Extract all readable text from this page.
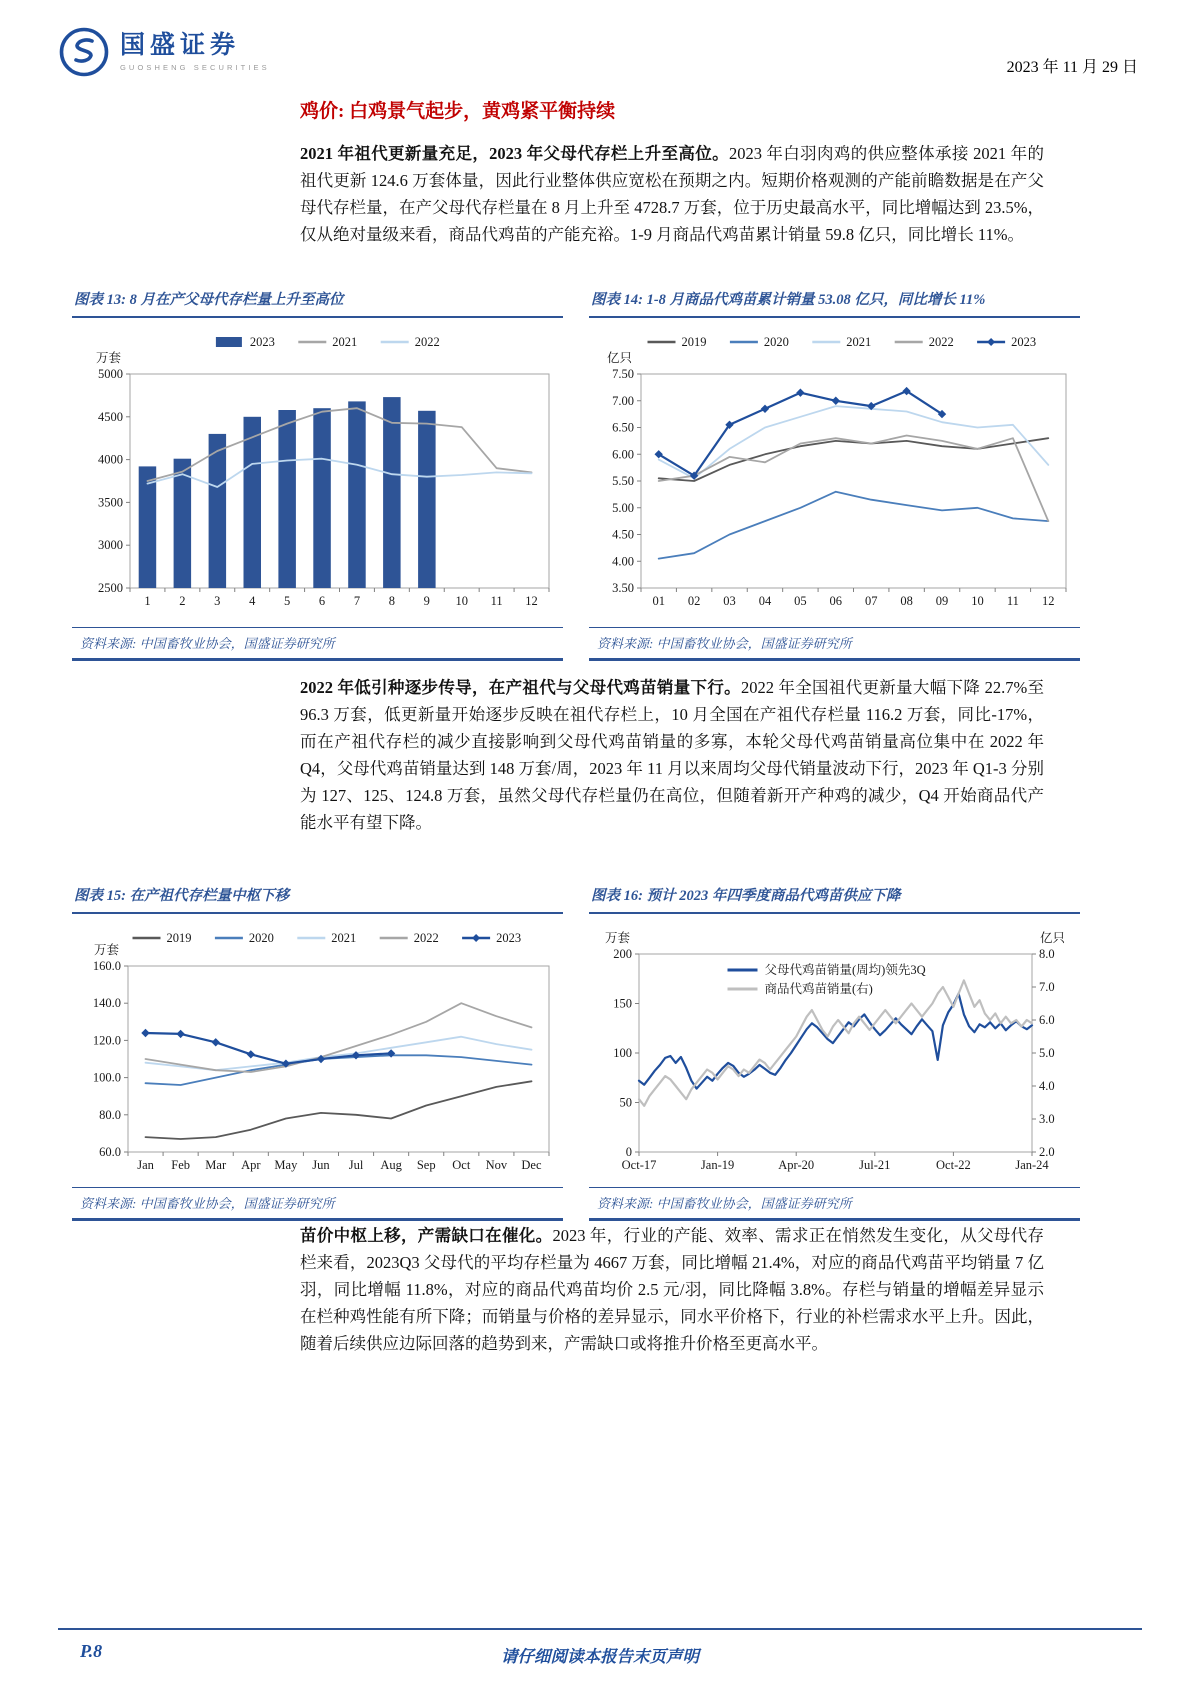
国盛证券
GUOSHENG SECURITIES	2023 年 11 月 29 日
鸡价: 白鸡景气起步，黄鸡紧平衡持续

2021 年祖代更新量充足，2023 年父母代存栏上升至高位。2023 年白羽肉鸡的供应整体承接 2021 年的祖代更新 124.6 万套体量，因此行业整体供应宽松在预期之内。短期价格观测的产能前瞻数据是在产父母代存栏量，在产父母代存栏量在 8 月上升至 4728.7 万套，位于历史最高水平，同比增幅达到 23.5%，仅从绝对量级来看，商品代鸡苗的产能充裕。1-9 月商品代鸡苗累计销量 59.8 亿只，同比增长 11%。

图表 13: 8 月在产父母代存栏量上升至高位
2500
3000
3500
4000
4500
5000
1 2 3 4 5 6 7 8 9 10 11 12
万套
2023	2021	2022
资料来源: 中国畜牧业协会，国盛证券研究所
图表 14: 1-8 月商品代鸡苗累计销量 53.08 亿只，同比增长 11%
3.50
4.00
4.50
5.00
5.50
6.00
6.50
7.00
7.50
01 02 03 04 05 06 07 08 09 10 11 12
亿只
2019	2020	2021	2022	2023
资料来源: 中国畜牧业协会，国盛证券研究所

2022 年低引种逐步传导，在产祖代与父母代鸡苗销量下行。2022 年全国祖代更新量大幅下降 22.7%至 96.3 万套，低更新量开始逐步反映在祖代存栏上，10 月全国在产祖代存栏量 116.2 万套，同比-17%，而在产祖代存栏的减少直接影响到父母代鸡苗销量的多寡，本轮父母代鸡苗销量高位集中在 2022 年 Q4，父母代鸡苗销量达到 148 万套/周，2023 年 11 月以来周均父母代销量波动下行，2023 年 Q1-3 分别为 127、125、124.8 万套，虽然父母代存栏量仍在高位，但随着新开产种鸡的减少，Q4 开始商品代产能水平有望下降。

图表 15: 在产祖代存栏量中枢下移
60.0
80.0
100.0
120.0
140.0
160.0
Jan Feb Mar Apr May Jun Jul Aug Sep Oct Nov Dec
万套
2019	2020	2021	2022	2023
资料来源: 中国畜牧业协会，国盛证券研究所
图表 16: 预计 2023 年四季度商品代鸡苗供应下降
0
50
100
150
200
2.0
3.0
4.0
5.0
6.0
7.0
8.0
Oct-17	Jan-19	Apr-20	Jul-21	Oct-22	Jan-24
万套	亿只
父母代鸡苗销量(周均)领先3Q
商品代鸡苗销量(右)
资料来源: 中国畜牧业协会，国盛证券研究所

苗价中枢上移，产需缺口在催化。2023 年，行业的产能、效率、需求正在悄然发生变化，从父母代存栏来看，2023Q3 父母代的平均存栏量为 4667 万套，同比增幅 21.4%，对应的商品代鸡苗平均销量 7 亿羽，同比增幅 11.8%，对应的商品代鸡苗均价 2.5 元/羽，同比降幅 3.8%。存栏与销量的增幅差异显示在栏种鸡性能有所下降；而销量与价格的差异显示，同水平价格下，行业的补栏需求水平上升。因此，随着后续供应边际回落的趋势到来，产需缺口或将推升价格至更高水平。

P.8	请仔细阅读本报告末页声明
